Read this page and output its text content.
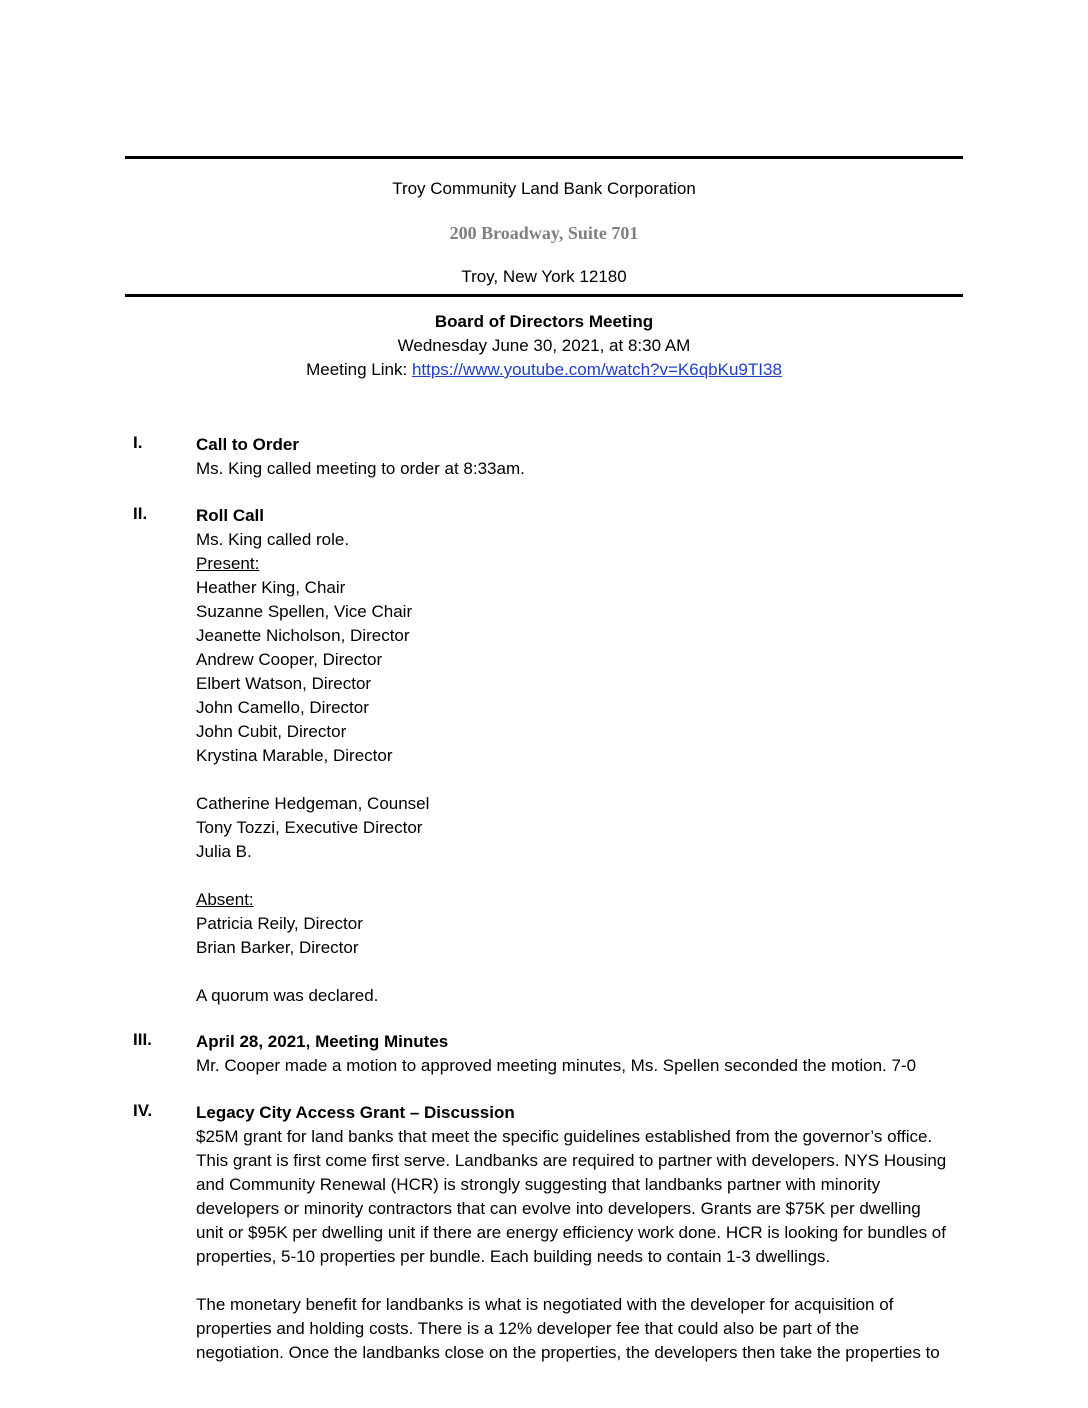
Troy Community Land Bank Corporation
200 Broadway, Suite 701
Troy, New York 12180
Board of Directors Meeting
Wednesday June 30, 2021, at 8:30 AM
Meeting Link: https://www.youtube.com/watch?v=K6qbKu9TI38
I.	Call to Order
Ms. King called meeting to order at 8:33am.
II.	Roll Call
Ms. King called role.
Present:
Heather King, Chair
Suzanne Spellen, Vice Chair
Jeanette Nicholson, Director
Andrew Cooper, Director
Elbert Watson, Director
John Camello, Director
John Cubit, Director
Krystina Marable, Director
Catherine Hedgeman, Counsel
Tony Tozzi, Executive Director
Julia B.
Absent:
Patricia Reily, Director
Brian Barker, Director
A quorum was declared.
III.	April 28, 2021, Meeting Minutes
Mr. Cooper made a motion to approved meeting minutes, Ms. Spellen seconded the motion. 7-0
IV.	Legacy City Access Grant – Discussion
$25M grant for land banks that meet the specific guidelines established from the governor’s office.
This grant is first come first serve. Landbanks are required to partner with developers. NYS Housing
and Community Renewal (HCR) is strongly suggesting that landbanks partner with minority
developers or minority contractors that can evolve into developers. Grants are $75K per dwelling
unit or $95K per dwelling unit if there are energy efficiency work done. HCR is looking for bundles of
properties, 5-10 properties per bundle. Each building needs to contain 1-3 dwellings.
The monetary benefit for landbanks is what is negotiated with the developer for acquisition of
properties and holding costs. There is a 12% developer fee that could also be part of the
negotiation. Once the landbanks close on the properties, the developers then take the properties to
